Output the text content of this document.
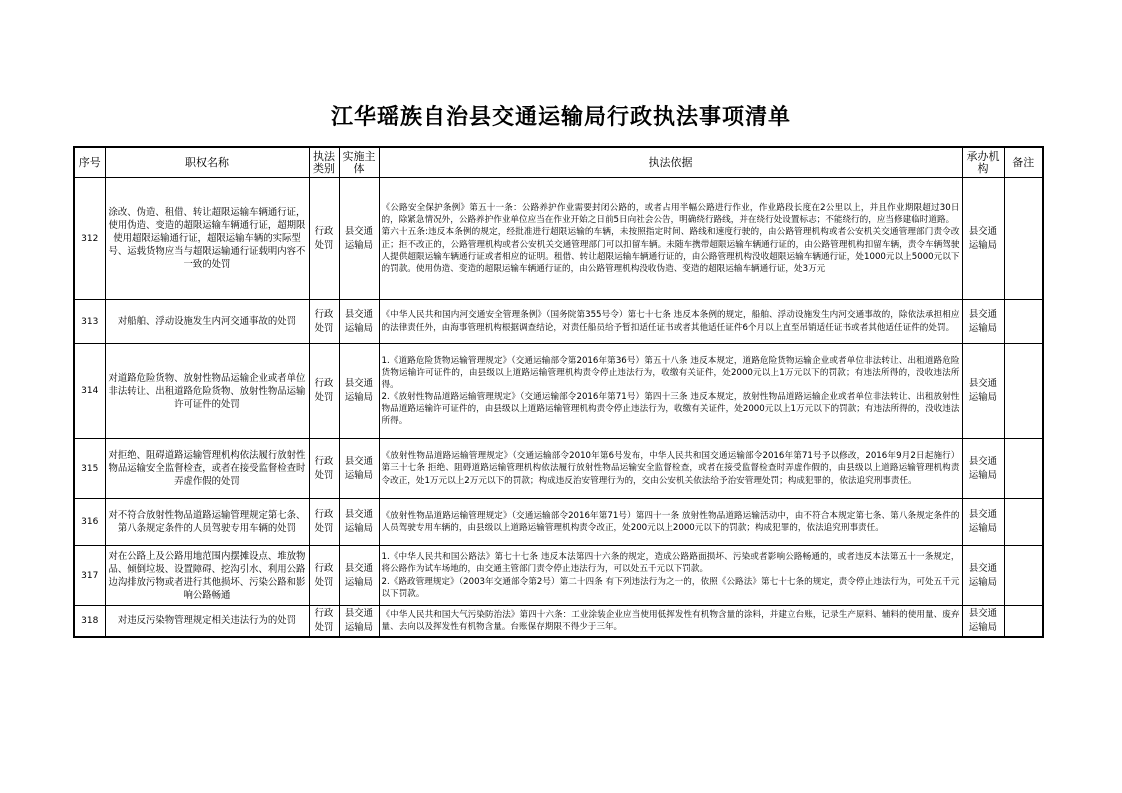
江华瑶族自治县交通运输局行政执法事项清单
序号	职权名称	执法类别	实施主体	执法依据	承办机构	备注
312	涂改、伪造、租借、转让超限运输车辆通行证，使用伪造、变造的超限运输车辆通行证，超期限使用超限运输通行证，超限运输车辆的实际型号、运载货物应当与超限运输通行证载明内容不一致的处罚	行政处罚	县交通运输局	《公路安全保护条例》第五十一条：公路养护作业需要封闭公路的，或者占用半幅公路进行作业，作业路段长度在2公里以上，并且作业期限超过30日的，除紧急情况外，公路养护作业单位应当在作业开始之日前5日向社会公告，明确绕行路线，并在绕行处设置标志；不能绕行的，应当修建临时道路。
第六十五条:违反本条例的规定，经批准进行超限运输的车辆，未按照指定时间、路线和速度行驶的，由公路管理机构或者公安机关交通管理部门责令改正；拒不改正的，公路管理机构或者公安机关交通管理部门可以扣留车辆。未随车携带超限运输车辆通行证的，由公路管理机构扣留车辆，责令车辆驾驶人提供超限运输车辆通行证或者相应的证明。租借、转让超限运输车辆通行证的，由公路管理机构没收超限运输车辆通行证，处1000元以上5000元以下的罚款。使用伪造、变造的超限运输车辆通行证的，由公路管理机构没收伪造、变造的超限运输车辆通行证，处3万元	县交通运输局	
313	对船舶、浮动设施发生内河交通事故的处罚	行政处罚	县交通运输局	《中华人民共和国内河交通安全管理条例》（国务院第355号令）第七十七条 违反本条例的规定，船舶、浮动设施发生内河交通事故的，除依法承担相应的法律责任外，由海事管理机构根据调查结论，对责任船员给予暂扣适任证书或者其他适任证件6个月以上直至吊销适任证书或者其他适任证件的处罚。	县交通运输局	
314	对道路危险货物、放射性物品运输企业或者单位非法转让、出租道路危险货物、放射性物品运输许可证件的处罚	行政处罚	县交通运输局	1.《道路危险货物运输管理规定》（交通运输部令第2016年第36号）第五十八条 违反本规定，道路危险货物运输企业或者单位非法转让、出租道路危险货物运输许可证件的，由县级以上道路运输管理机构责令停止违法行为，收缴有关证件，处2000元以上1万元以下的罚款；有违法所得的，没收违法所得。
2.《放射性物品道路运输管理规定》（交通运输部令2016年第71号）第四十三条 违反本规定，放射性物品道路运输企业或者单位非法转让、出租放射性物品道路运输许可证件的，由县级以上道路运输管理机构责令停止违法行为，收缴有关证件，处2000元以上1万元以下的罚款；有违法所得的，没收违法所得。	县交通运输局	
315	对拒绝、阻碍道路运输管理机构依法履行放射性物品运输安全监督检查，或者在接受监督检查时弄虚作假的处罚	行政处罚	县交通运输局	《放射性物品道路运输管理规定》（交通运输部令2010年第6号发布，中华人民共和国交通运输部令2016年第71号予以修改，2016年9月2日起施行）第三十七条 拒绝、阻碍道路运输管理机构依法履行放射性物品运输安全监督检查，或者在接受监督检查时弄虚作假的，由县级以上道路运输管理机构责令改正，处1万元以上2万元以下的罚款；构成违反治安管理行为的，交由公安机关依法给予治安管理处罚；构成犯罪的，依法追究刑事责任。	县交通运输局	
316	对不符合放射性物品道路运输管理规定第七条、第八条规定条件的人员驾驶专用车辆的处罚	行政处罚	县交通运输局	《放射性物品道路运输管理规定》（交通运输部令2016年第71号）第四十一条 放射性物品道路运输活动中，由不符合本规定第七条、第八条规定条件的人员驾驶专用车辆的，由县级以上道路运输管理机构责令改正，处200元以上2000元以下的罚款；构成犯罪的，依法追究刑事责任。	县交通运输局	
317	对在公路上及公路用地范围内摆摊设点、堆放物品、倾倒垃圾、设置障碍、挖沟引水、利用公路边沟排放污物或者进行其他损坏、污染公路和影响公路畅通	行政处罚	县交通运输局	1.《中华人民共和国公路法》第七十七条 违反本法第四十六条的规定，造成公路路面损坏、污染或者影响公路畅通的，或者违反本法第五十一条规定，将公路作为试车场地的，由交通主管部门责令停止违法行为，可以处五千元以下罚款。
2.《路政管理规定》（2003年交通部令第2号）第二十四条 有下列违法行为之一的，依照《公路法》第七十七条的规定，责令停止违法行为，可处五千元以下罚款。	县交通运输局	
318	对违反污染物管理规定相关违法行为的处罚	行政处罚	县交通运输局	《中华人民共和国大气污染防治法》第四十六条：工业涂装企业应当使用低挥发性有机物含量的涂料，并建立台账，记录生产原料、辅料的使用量、废弃量、去向以及挥发性有机物含量。台账保存期限不得少于三年。	县交通运输局	
